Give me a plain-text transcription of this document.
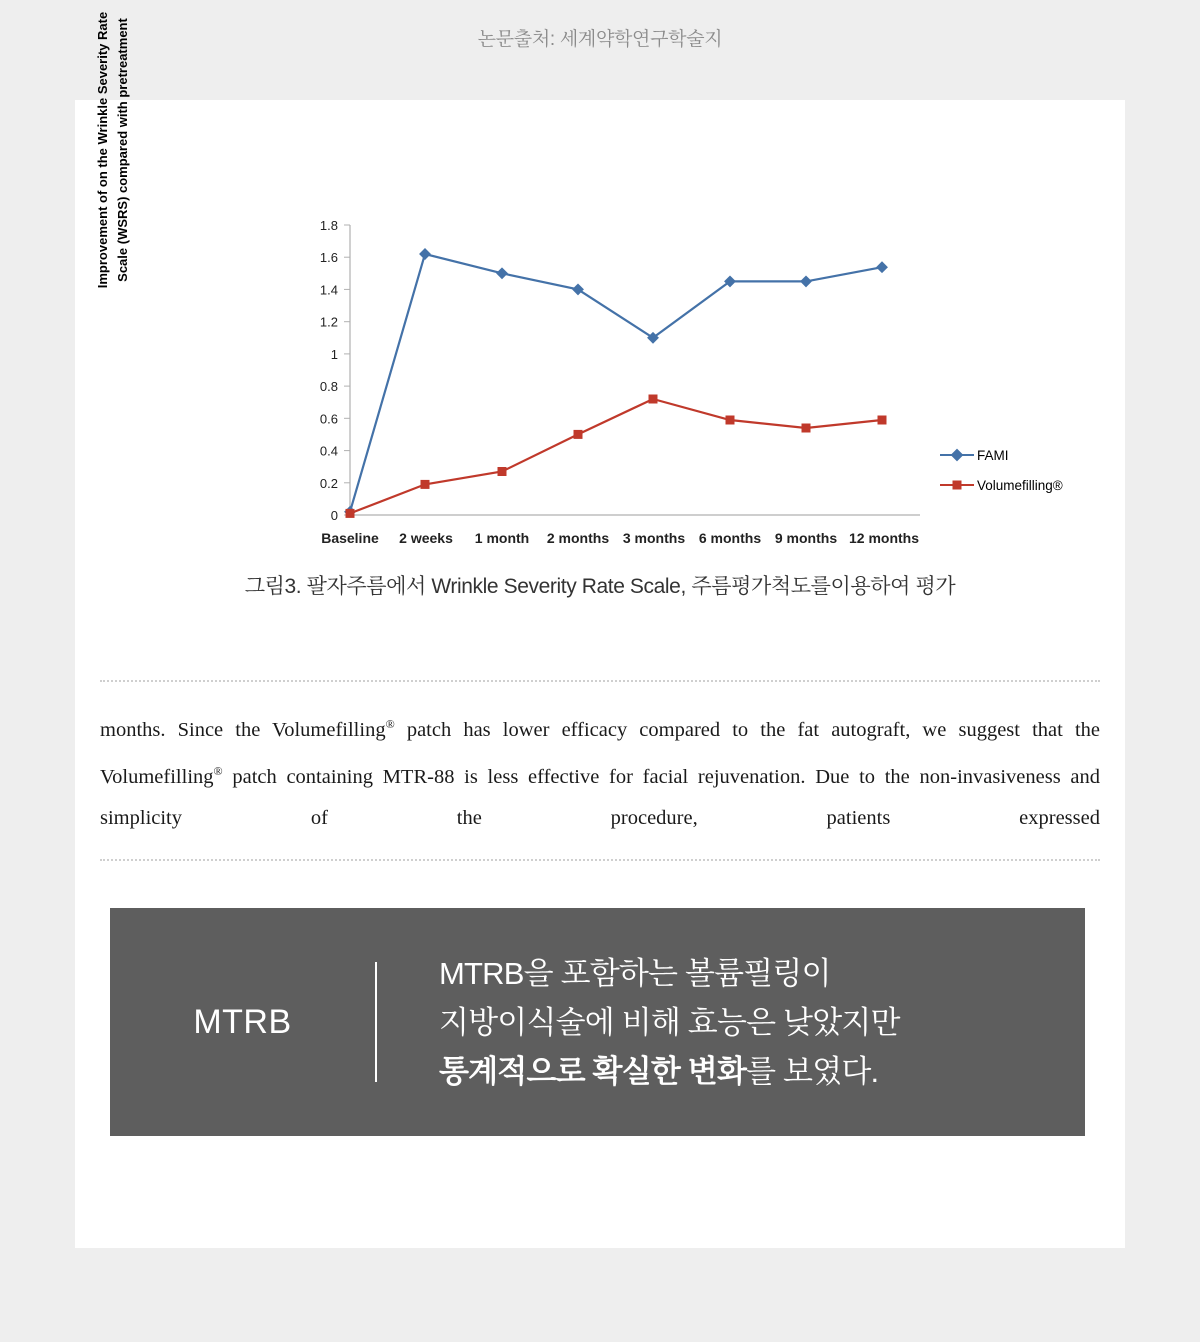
논문출처: 세계약학연구학술지
Improvement of on the Wrinkle Severity Rate Scale (WSRS) compared with pretreatment
0
0.2
0.4
0.6
0.8
1
1.2
1.4
1.6
1.8
Baseline 2 weeks 1 month 2 months 3 months 6 months 9 months 12 months
FAMI
Volumefilling®
그림3. 팔자주름에서 Wrinkle Severity Rate Scale, 주름평가척도를이용하여 평가

months. Since the Volumefilling® patch has lower efficacy compared to the fat autograft, we suggest that the Volumefilling® patch containing MTR-88 is less effective for facial rejuvenation. Due to the non-invasiveness and simplicity of the procedure, patients expressed

MTRB
MTRB을 포함하는 볼륨필링이
지방이식술에 비해 효능은 낮았지만
통계적으로 확실한 변화를 보였다.
